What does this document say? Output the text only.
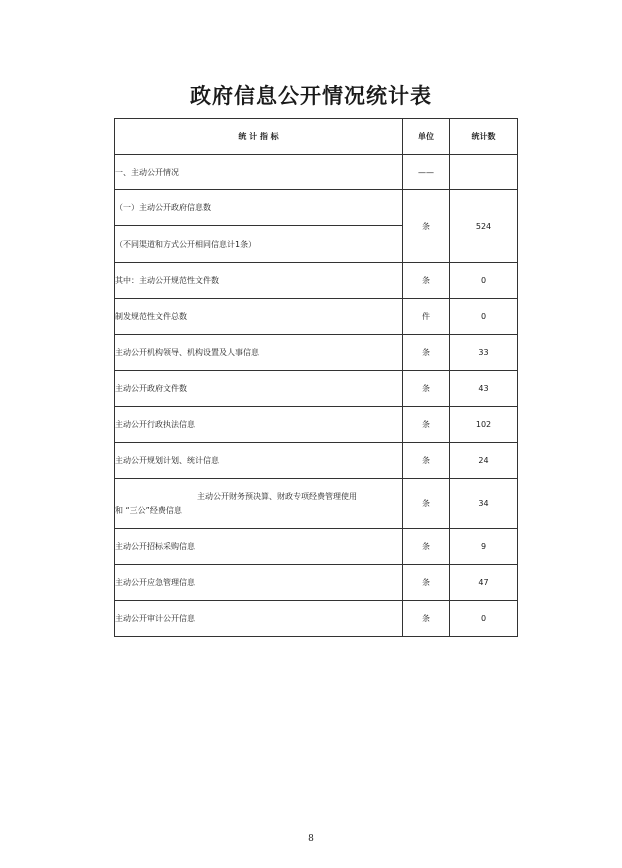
政府信息公开情况统计表
统 计 指 标	单位	统计数
一、主动公开情况	——	
（一）主动公开政府信息数	条	524
（不同渠道和方式公开相同信息计1条）		
其中：主动公开规范性文件数	条	0
制发规范性文件总数	件	0
主动公开机构领导、机构设置及人事信息	条	33
主动公开政府文件数	条	43
主动公开行政执法信息	条	102
主动公开规划计划、统计信息	条	24

主动公开财务预决算、财政专项经费管理使用
和 “三公”经费信息	条	34
主动公开招标采购信息	条	9
主动公开应急管理信息	条	47
主动公开审计公开信息	条	0
8
